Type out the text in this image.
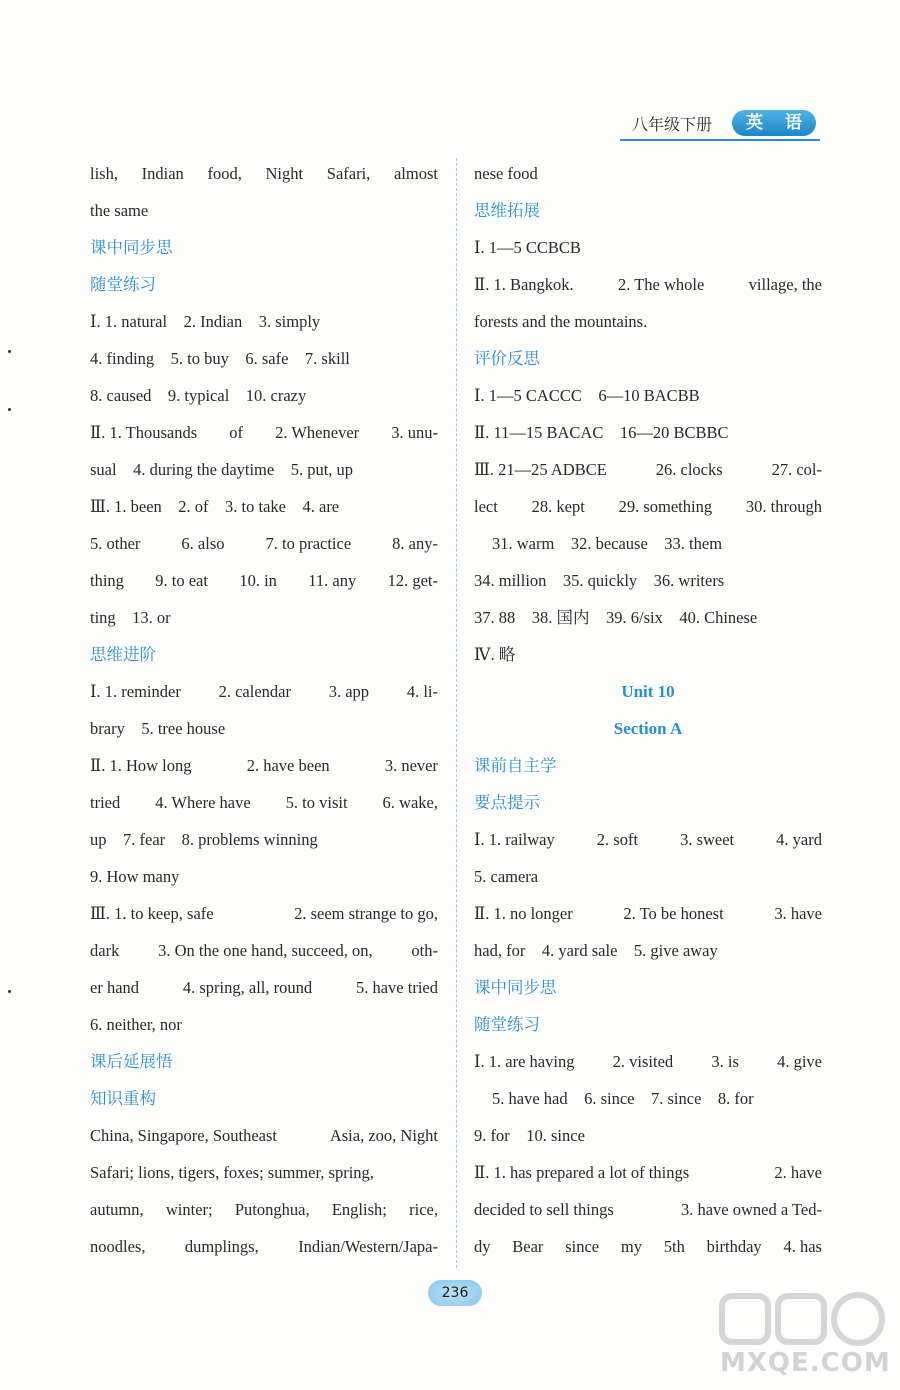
八年级下册	英 语
lish, Indian food, Night Safari, almost
the same
课中同步思
随堂练习
Ⅰ. 1. natural　2. Indian　3. simply
4. finding　5. to buy　6. safe　7. skill
8. caused　9. typical　10. crazy
Ⅱ. 1. Thousands of 2. Whenever 3. unu-
sual　4. during the daytime　5. put, up
Ⅲ. 1. been　2. of　3. to take　4. are
5. other 6. also 7. to practice 8. any-
thing 9. to eat 10. in 11. any 12. get-
ting　13. or
思维进阶
Ⅰ. 1. reminder 2. calendar 3. app 4. li-
brary　5. tree house
Ⅱ. 1. How long	2. have been	3. never
tried 4. Where have 5. to visit 6. wake,
up　7. fear　8. problems winning
9. How many
Ⅲ. 1. to keep, safe	2. seem strange to go,
dark 3. On the one hand, succeed, on, oth-
er hand	4. spring, all, round	5. have tried
6. neither, nor
课后延展悟
知识重构
China, Singapore, Southeast	Asia, zoo, Night
Safari; lions, tigers, foxes; summer, spring,
autumn, winter; Putonghua, English; rice,
noodles, dumplings, Indian/Western/Japa-
nese food
思维拓展
Ⅰ. 1—5 CCBCB
Ⅱ. 1. Bangkok.	2. The whole	village, the
forests and the mountains.
评价反思
Ⅰ. 1—5 CACCC　6—10 BACBB
Ⅱ. 11—15 BACAC　16—20 BCBBC
Ⅲ. 21—25 ADBCE	26. clocks	27. col-
lect 28. kept 29. something 30. through
31. warm　32. because　33. them
34. million　35. quickly　36. writers
37. 88　38. 国内　39. 6/six　40. Chinese
Ⅳ. 略
Unit 10
Section A
课前自主学
要点提示
Ⅰ. 1. railway	2. soft	3. sweet	4. yard
5. camera
Ⅱ. 1. no longer	2. To be honest	3. have
had, for　4. yard sale　5. give away
课中同步思
随堂练习
Ⅰ. 1. are having 2. visited 3. is 4. give
5. have had　6. since　7. since　8. for
9. for　10. since
Ⅱ. 1. has prepared a lot of things	2. have
decided to sell things	3. have owned a Ted-
dy Bear since my 5th birthday 4. has
236
MXQE.COM
